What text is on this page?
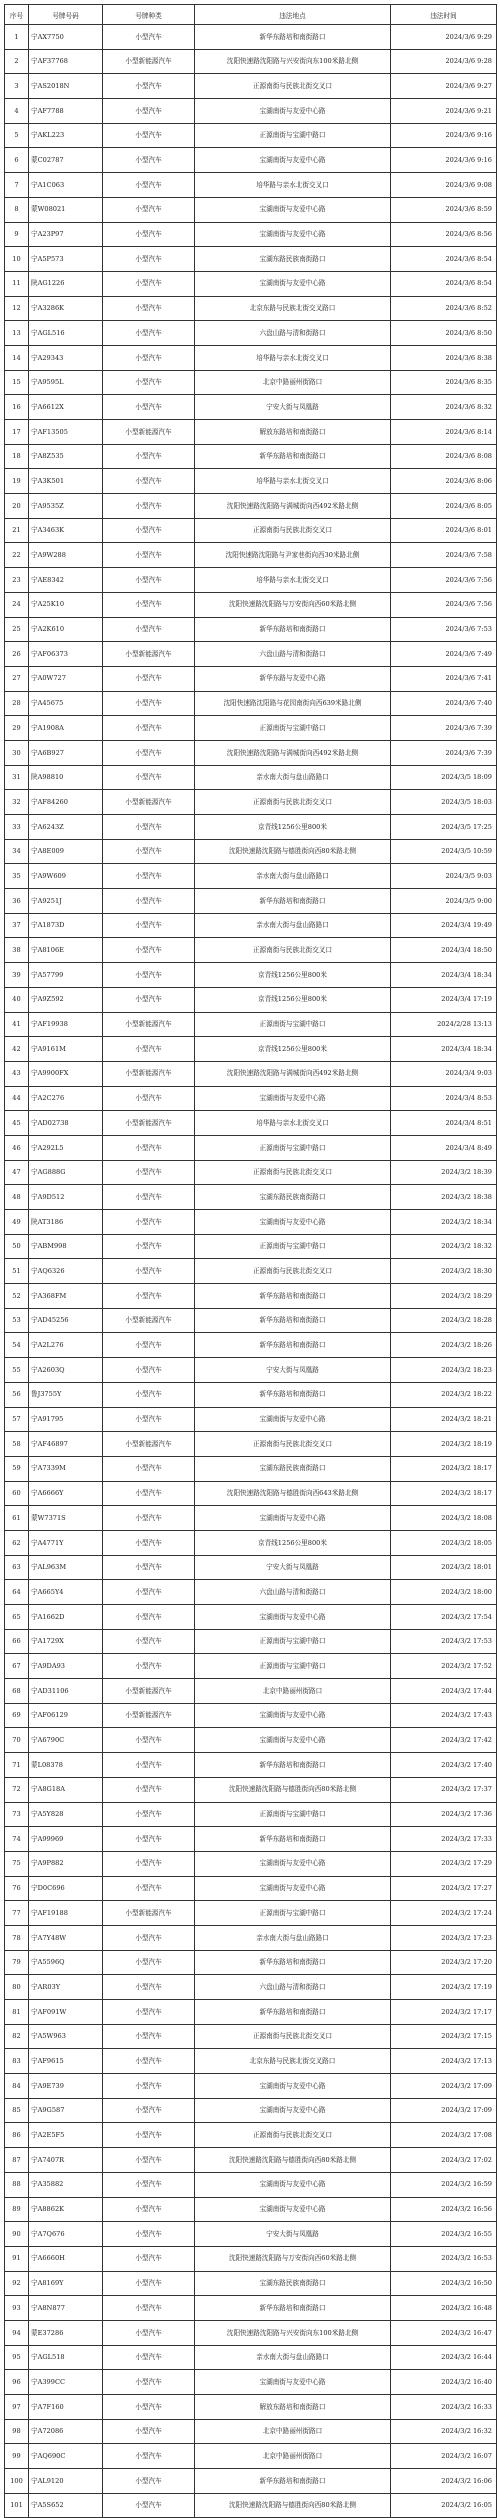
序号	号牌号码	号牌种类	违法地点	违法时间
1	宁AX7750	小型汽车	新华东路培和南街路口	2024/3/6 9:29
2	宁AF37768	小型新能源汽车	沈阳快速路沈阳路与兴安街向东100米路北侧	2024/3/6 9:28
3	宁AS2018N	小型汽车	正源南街与民族北街交叉口	2024/3/6 9:27
4	宁AF7788	小型汽车	宝湖南街与友爱中心路	2024/3/6 9:21
5	宁AKL223	小型汽车	正源南街与宝湖中路口	2024/3/6 9:16
6	蒙C02787	小型汽车	宝湖南街与友爱中心路	2024/3/6 9:16
7	宁A1C063	小型汽车	培华路与亲水北街交叉口	2024/3/6 9:08
8	蒙W08021	小型汽车	宝湖南街与友爱中心路	2024/3/6 8:59
9	宁A23P97	小型汽车	宝湖南街与友爱中心路	2024/3/6 8:56
10	宁A5P573	小型汽车	宝湖东路民族南街路口	2024/3/6 8:54
11	陕AG1226	小型汽车	宝湖南街与友爱中心路	2024/3/6 8:54
12	宁A3286K	小型汽车	北京东路与民族北街交叉路口	2024/3/6 8:52
13	宁AGL516	小型汽车	六盘山路与清和街路口	2024/3/6 8:50
14	宁A29343	小型汽车	培华路与亲水北街交叉口	2024/3/6 8:38
15	宁A9595L	小型汽车	北京中路丽州街路口	2024/3/6 8:35
16	宁A6612X	小型汽车	宁安大街与凤凰路	2024/3/6 8:32
17	宁AF13505	小型新能源汽车	解放东路培和南街路口	2024/3/6 8:14
18	宁A8Z535	小型汽车	新华东路培和南街路口	2024/3/6 8:08
19	宁A3K501	小型汽车	培华路与亲水北街交叉口	2024/3/6 8:06
20	宁A9535Z	小型汽车	沈阳快速路沈阳路与满城街向西492米路北侧	2024/3/6 8:05
21	宁A3463K	小型汽车	正源南街与民族北街交叉口	2024/3/6 8:01
22	宁A9W288	小型汽车	沈阳快速路沈阳路与尹家巷街向西30米路北侧	2024/3/6 7:58
23	宁AE8342	小型汽车	培华路与亲水北街交叉口	2024/3/6 7:56
24	宁A25K10	小型汽车	沈阳快速路沈阳路与万安街向西60米路北侧	2024/3/6 7:56
25	宁A2K610	小型汽车	新华东路培和南街路口	2024/3/6 7:53
26	宁AF06373	小型新能源汽车	六盘山路与清和街路口	2024/3/6 7:49
27	宁A0W727	小型汽车	新华东路与友爱中心路	2024/3/6 7:41
28	宁A45675	小型汽车	沈阳快速路沈阳路与花园南街向西639米路北侧	2024/3/6 7:40
29	宁A1908A	小型汽车	正源南街与宝湖中路口	2024/3/6 7:39
30	宁A6B927	小型汽车	沈阳快速路沈阳路与满城街向西492米路北侧	2024/3/6 7:39
31	陕A98810	小型汽车	亲水南大街与盘山路路口	2024/3/5 18:09
32	宁AF84260	小型新能源汽车	正源南街与民族北街交叉口	2024/3/5 18:03
33	宁A6243Z	小型汽车	京青线1256公里800米	2024/3/5 17:25
34	宁A8E009	小型汽车	沈阳快速路沈阳路与德胜街向西80米路北侧	2024/3/5 10:59
35	宁A9W609	小型汽车	亲水南大街与盘山路路口	2024/3/5 9:03
36	宁A9251J	小型汽车	新华东路培和南街路口	2024/3/5 9:00
37	宁A1873D	小型汽车	亲水南大街与盘山路路口	2024/3/4 19:49
38	宁A8106E	小型汽车	正源南街与民族北街交叉口	2024/3/4 18:50
39	宁A57799	小型汽车	京青线1256公里800米	2024/3/4 18:34
40	宁A9Z592	小型汽车	京青线1256公里800米	2024/3/4 17:19
41	宁AF19938	小型新能源汽车	正源南街与宝湖中路口	2024/2/28 13:13
42	宁A9161M	小型汽车	京青线1256公里800米	2024/3/4 18:34
43	宁A9900FX	小型新能源汽车	沈阳快速路沈阳路与满城街向西492米路北侧	2024/3/4 9:03
44	宁A2C276	小型汽车	宝湖南街与友爱中心路	2024/3/4 8:53
45	宁AD02738	小型新能源汽车	培华路与亲水北街交叉口	2024/3/4 8:51
46	宁A292L5	小型汽车	正源南街与宝湖中路口	2024/3/4 8:49
47	宁AG888G	小型汽车	正源南街与民族北街交叉口	2024/3/2 18:39
48	宁A9D512	小型汽车	宝湖东路民族南街路口	2024/3/2 18:38
49	陕AT3186	小型汽车	宝湖南街与友爱中心路	2024/3/2 18:34
50	宁ABM998	小型汽车	正源南街与宝湖中路口	2024/3/2 18:32
51	宁AQ6326	小型汽车	正源南街与民族北街交叉口	2024/3/2 18:30
52	宁A368FM	小型汽车	新华东路培和南街路口	2024/3/2 18:29
53	宁AD45256	小型新能源汽车	新华东路培和南街路口	2024/3/2 18:28
54	宁A2L276	小型汽车	新华东路培和南街路口	2024/3/2 18:26
55	宁A2603Q	小型汽车	宁安大街与凤凰路	2024/3/2 18:23
56	鲁J3755Y	小型汽车	新华东路培和南街路口	2024/3/2 18:22
57	宁A91795	小型汽车	宝湖南街与友爱中心路	2024/3/2 18:21
58	宁AF46897	小型新能源汽车	正源南街与民族北街交叉口	2024/3/2 18:19
59	宁A7339M	小型汽车	宝湖东路民族南街路口	2024/3/2 18:17
60	宁A6666Y	小型汽车	沈阳快速路沈阳路与德胜街向西643米路北侧	2024/3/2 18:17
61	蒙W7371S	小型汽车	宝湖南街与友爱中心路	2024/3/2 18:08
62	宁A4771Y	小型汽车	京青线1256公里800米	2024/3/2 18:05
63	宁AL963M	小型汽车	宁安大街与凤凰路	2024/3/2 18:01
64	宁A665Y4	小型汽车	六盘山路与清和街路口	2024/3/2 18:00
65	宁A1662D	小型汽车	宝湖南街与友爱中心路	2024/3/2 17:54
66	宁A1729X	小型汽车	正源南街与宝湖中路口	2024/3/2 17:53
67	宁A9DA93	小型汽车	正源南街与宝湖中路口	2024/3/2 17:52
68	宁AD31106	小型新能源汽车	北京中路丽州街路口	2024/3/2 17:44
69	宁AF06129	小型新能源汽车	宝湖南街与友爱中心路	2024/3/2 17:43
70	宁A6790C	小型汽车	宝湖南街与友爱中心路	2024/3/2 17:42
71	蒙L08378	小型汽车	新华东路培和南街路口	2024/3/2 17:40
72	宁A8G18A	小型汽车	沈阳快速路沈阳路与德胜街向西80米路北侧	2024/3/2 17:37
73	宁A5Y828	小型汽车	正源南街与宝湖中路口	2024/3/2 17:36
74	宁A99969	小型汽车	新华东路培和南街路口	2024/3/2 17:33
75	宁A9P882	小型汽车	宝湖南街与友爱中心路	2024/3/2 17:29
76	宁D0C696	小型汽车	宝湖南街与友爱中心路	2024/3/2 17:27
77	宁AF19188	小型新能源汽车	正源南街与宝湖中路口	2024/3/2 17:24
78	宁A7Y48W	小型汽车	亲水南大街与盘山路路口	2024/3/2 17:23
79	宁A5596Q	小型汽车	新华东路培和南街路口	2024/3/2 17:20
80	宁AR03Y	小型汽车	六盘山路与清和街路口	2024/3/2 17:19
81	宁AF091W	小型汽车	新华东路培和南街路口	2024/3/2 17:17
82	宁A5W963	小型汽车	正源南街与民族北街交叉口	2024/3/2 17:15
83	宁AF9615	小型汽车	北京东路与民族北街交叉路口	2024/3/2 17:13
84	宁A9E739	小型汽车	宝湖南街与友爱中心路	2024/3/2 17:09
85	宁A9G587	小型汽车	宝湖南街与友爱中心路	2024/3/2 17:09
86	宁A2E5F5	小型汽车	正源南街与民族北街交叉口	2024/3/2 17:08
87	宁A7407R	小型汽车	沈阳快速路沈阳路与德胜街向西80米路北侧	2024/3/2 17:02
88	宁A35882	小型汽车	宝湖南街与友爱中心路	2024/3/2 16:59
89	宁A8862K	小型汽车	宝湖南街与友爱中心路	2024/3/2 16:56
90	宁A7Q676	小型汽车	宁安大街与凤凰路	2024/3/2 16:55
91	宁A6660H	小型汽车	沈阳快速路沈阳路与万安街向西60米路北侧	2024/3/2 16:53
92	宁A8169Y	小型汽车	宝湖东路民族南街路口	2024/3/2 16:50
93	宁A8N877	小型汽车	新华东路培和南街路口	2024/3/2 16:48
94	蒙E37286	小型汽车	沈阳快速路沈阳路与兴安街向东100米路北侧	2024/3/2 16:47
95	宁AGL518	小型汽车	亲水南大街与盘山路路口	2024/3/2 16:44
96	宁A399CC	小型汽车	宝湖南街与友爱中心路	2024/3/2 16:40
97	宁A7F160	小型汽车	解放东路培和南街路口	2024/3/2 16:33
98	宁A72086	小型汽车	北京中路丽州街路口	2024/3/2 16:32
99	宁AQ690C	小型汽车	北京中路丽州街路口	2024/3/2 16:07
100	宁AL9120	小型汽车	新华东路培和南街路口	2024/3/2 16:06
101	宁A5S652	小型汽车	沈阳快速路沈阳路与德胜街向西80米路北侧	2024/3/2 16:05
